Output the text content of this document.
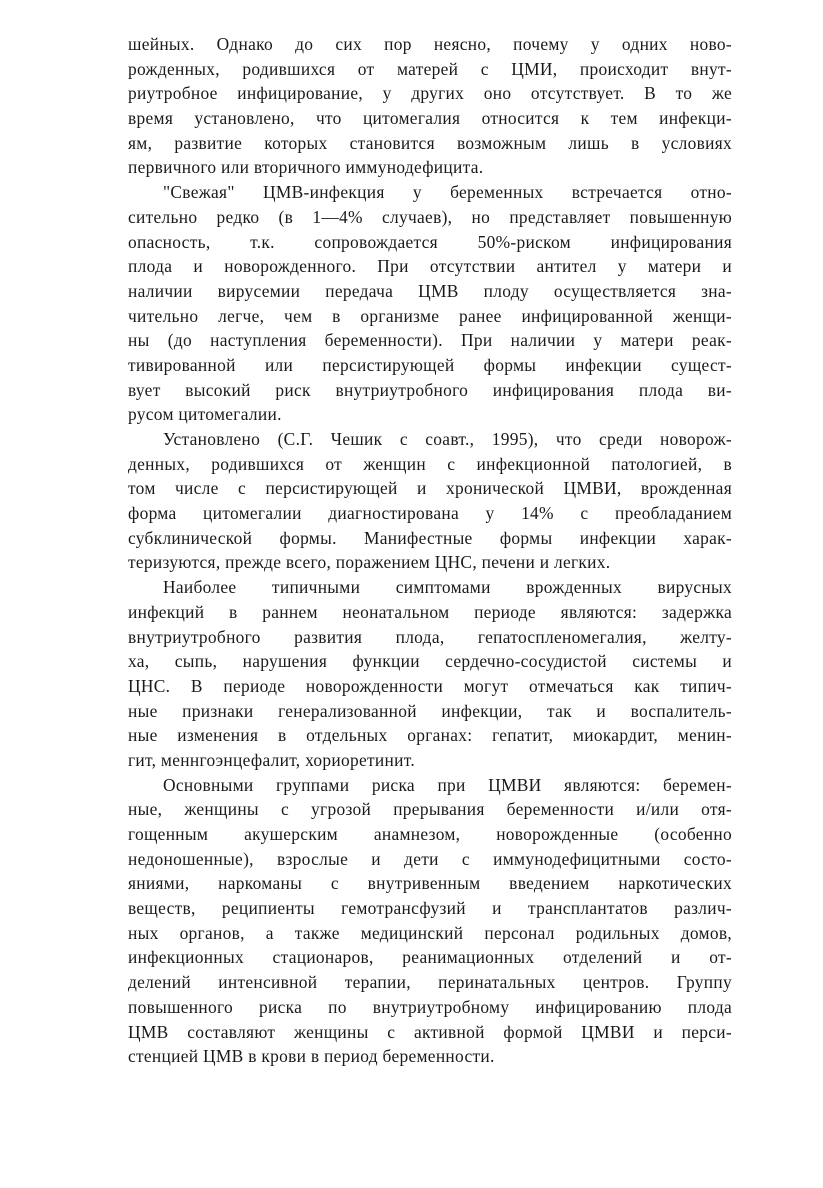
шейных. Однако до сих пор неясно, почему у одних ново-
рожденных, родившихся от матерей с ЦМИ, происходит внут-
риутробное инфицирование, у других оно отсутствует. В то же
время установлено, что цитомегалия относится к тем инфекци-
ям, развитие которых становится возможным лишь в условиях
первичного или вторичного иммунодефицита.
"Свежая" ЦМВ-инфекция у беременных встречается отно-
сительно редко (в 1—4% случаев), но представляет повышенную
опасность, т.к. сопровождается 50%-риском инфицирования
плода и новорожденного. При отсутствии антител у матери и
наличии вирусемии передача ЦМВ плоду осуществляется зна-
чительно легче, чем в организме ранее инфицированной женщи-
ны (до наступления беременности). При наличии у матери реак-
тивированной или персистирующей формы инфекции сущест-
вует высокий риск внутриутробного инфицирования плода ви-
русом цитомегалии.
Установлено (С.Г. Чешик с соавт., 1995), что среди новорож-
денных, родившихся от женщин с инфекционной патологией, в
том числе с персистирующей и хронической ЦМВИ, врожденная
форма цитомегалии диагностирована у 14% с преобладанием
субклинической формы. Манифестные формы инфекции харак-
теризуются, прежде всего, поражением ЦНС, печени и легких.
Наиболее типичными симптомами врожденных вирусных
инфекций в раннем неонатальном периоде являются: задержка
внутриутробного развития плода, гепатоспленомегалия, желту-
ха, сыпь, нарушения функции сердечно-сосудистой системы и
ЦНС. В периоде новорожденности могут отмечаться как типич-
ные признаки генерализованной инфекции, так и воспалитель-
ные изменения в отдельных органах: гепатит, миокардит, менин-
гит, меннгоэнцефалит, хориоретинит.
Основными группами риска при ЦМВИ являются: беремен-
ные, женщины с угрозой прерывания беременности и/или отя-
гощенным акушерским анамнезом, новорожденные (особенно
недоношенные), взрослые и дети с иммунодефицитными состо-
яниями, наркоманы с внутривенным введением наркотических
веществ, реципиенты гемотрансфузий и трансплантатов различ-
ных органов, а также медицинский персонал родильных домов,
инфекционных стационаров, реанимационных отделений и от-
делений интенсивной терапии, перинатальных центров. Группу
повышенного риска по внутриутробному инфицированию плода
ЦМВ составляют женщины с активной формой ЦМВИ и перси-
стенцией ЦМВ в крови в период беременности.
